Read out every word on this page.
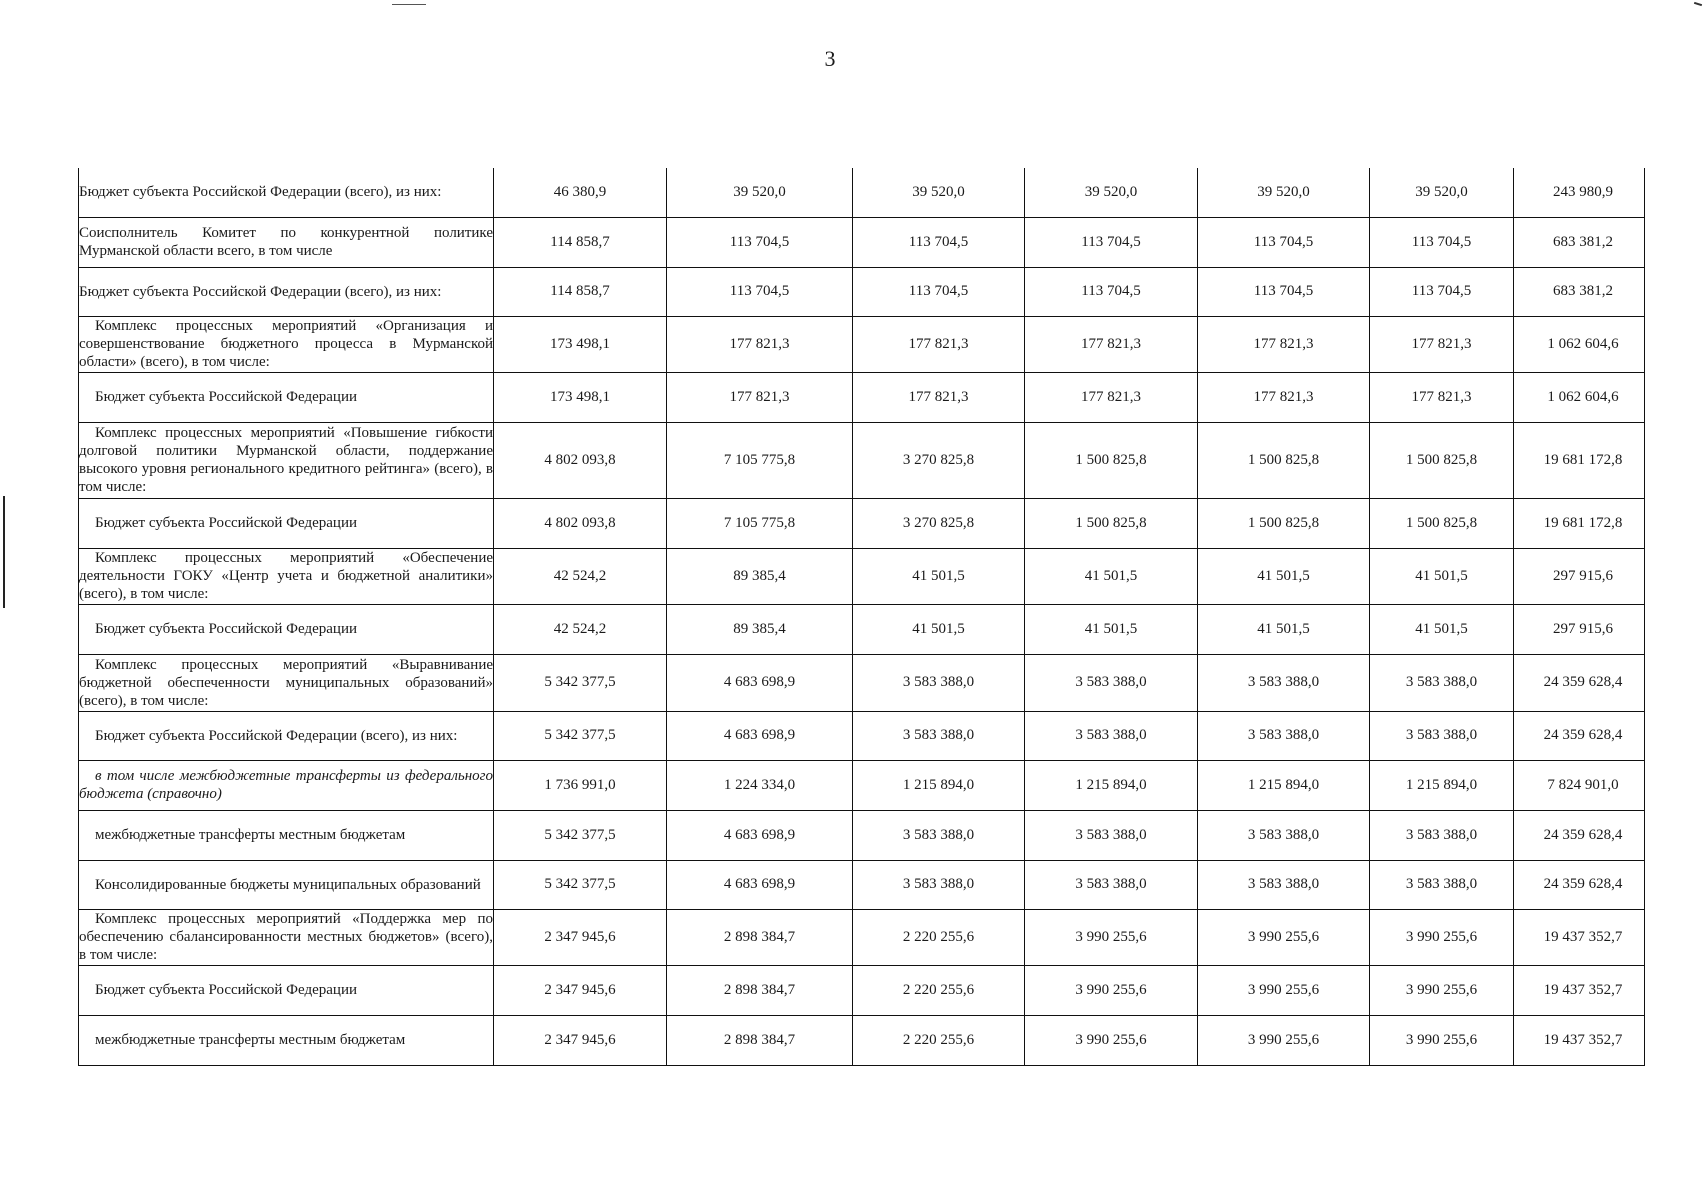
3
Бюджет субъекта Российской Федерации (всего), из них:	46 380,9	39 520,0	39 520,0	39 520,0	39 520,0	39 520,0	243 980,9
Соисполнитель Комитет по конкурентной политике Мурманской области всего, в том числе	114 858,7	113 704,5	113 704,5	113 704,5	113 704,5	113 704,5	683 381,2
Бюджет субъекта Российской Федерации (всего), из них:	114 858,7	113 704,5	113 704,5	113 704,5	113 704,5	113 704,5	683 381,2
Комплекс процессных мероприятий «Организация и совершенствование бюджетного процесса в Мурманской области» (всего), в том числе:	173 498,1	177 821,3	177 821,3	177 821,3	177 821,3	177 821,3	1 062 604,6
Бюджет субъекта Российской Федерации	173 498,1	177 821,3	177 821,3	177 821,3	177 821,3	177 821,3	1 062 604,6
Комплекс процессных мероприятий «Повышение гибкости долговой политики Мурманской области, поддержание высокого уровня регионального кредитного рейтинга» (всего), в том числе:	4 802 093,8	7 105 775,8	3 270 825,8	1 500 825,8	1 500 825,8	1 500 825,8	19 681 172,8
Бюджет субъекта Российской Федерации	4 802 093,8	7 105 775,8	3 270 825,8	1 500 825,8	1 500 825,8	1 500 825,8	19 681 172,8
Комплекс процессных мероприятий «Обеспечение деятельности ГОКУ «Центр учета и бюджетной аналитики» (всего), в том числе:	42 524,2	89 385,4	41 501,5	41 501,5	41 501,5	41 501,5	297 915,6
Бюджет субъекта Российской Федерации	42 524,2	89 385,4	41 501,5	41 501,5	41 501,5	41 501,5	297 915,6
Комплекс процессных мероприятий «Выравнивание бюджетной обеспеченности муниципальных образований» (всего), в том числе:	5 342 377,5	4 683 698,9	3 583 388,0	3 583 388,0	3 583 388,0	3 583 388,0	24 359 628,4
Бюджет субъекта Российской Федерации (всего), из них:	5 342 377,5	4 683 698,9	3 583 388,0	3 583 388,0	3 583 388,0	3 583 388,0	24 359 628,4
в том числе межбюджетные трансферты из федерального бюджета (справочно)	1 736 991,0	1 224 334,0	1 215 894,0	1 215 894,0	1 215 894,0	1 215 894,0	7 824 901,0
межбюджетные трансферты местным бюджетам	5 342 377,5	4 683 698,9	3 583 388,0	3 583 388,0	3 583 388,0	3 583 388,0	24 359 628,4
Консолидированные бюджеты муниципальных образований	5 342 377,5	4 683 698,9	3 583 388,0	3 583 388,0	3 583 388,0	3 583 388,0	24 359 628,4
Комплекс процессных мероприятий «Поддержка мер по обеспечению сбалансированности местных бюджетов» (всего), в том числе:	2 347 945,6	2 898 384,7	2 220 255,6	3 990 255,6	3 990 255,6	3 990 255,6	19 437 352,7
Бюджет субъекта Российской Федерации	2 347 945,6	2 898 384,7	2 220 255,6	3 990 255,6	3 990 255,6	3 990 255,6	19 437 352,7
межбюджетные трансферты местным бюджетам	2 347 945,6	2 898 384,7	2 220 255,6	3 990 255,6	3 990 255,6	3 990 255,6	19 437 352,7
